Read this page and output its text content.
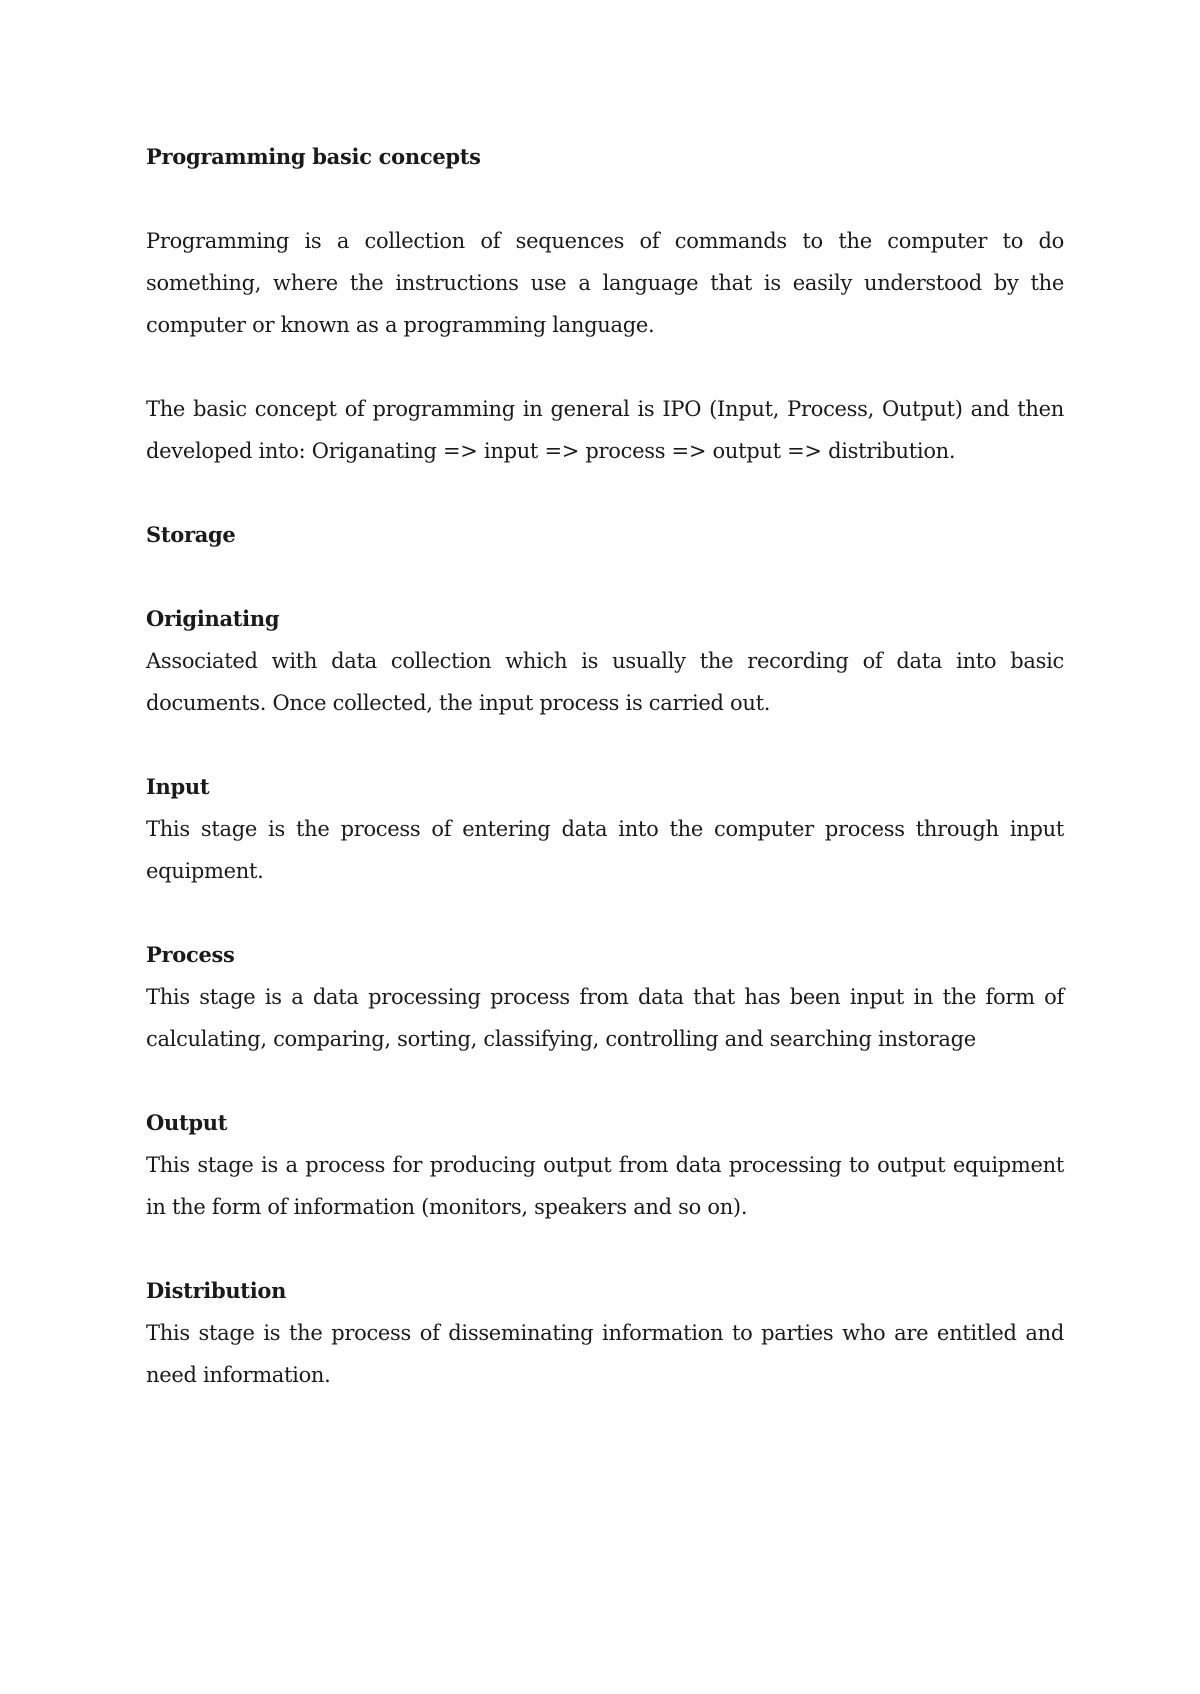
Programming basic concepts

Programming is a collection of sequences of commands to the computer to do something, where the instructions use a language that is easily understood by the computer or known as a programming language.

The basic concept of programming in general is IPO (Input, Process, Output) and then developed into: Origanating => input => process => output => distribution.

Storage
Originating

Associated with data collection which is usually the recording of data into basic documents. Once collected, the input process is carried out.

Input

This stage is the process of entering data into the computer process through input equipment.

Process

This stage is a data processing process from data that has been input in the form of calculating, comparing, sorting, classifying, controlling and searching instorage

Output

This stage is a process for producing output from data processing to output equipment in the form of information (monitors, speakers and so on).

Distribution

This stage is the process of disseminating information to parties who are entitled and need information.
